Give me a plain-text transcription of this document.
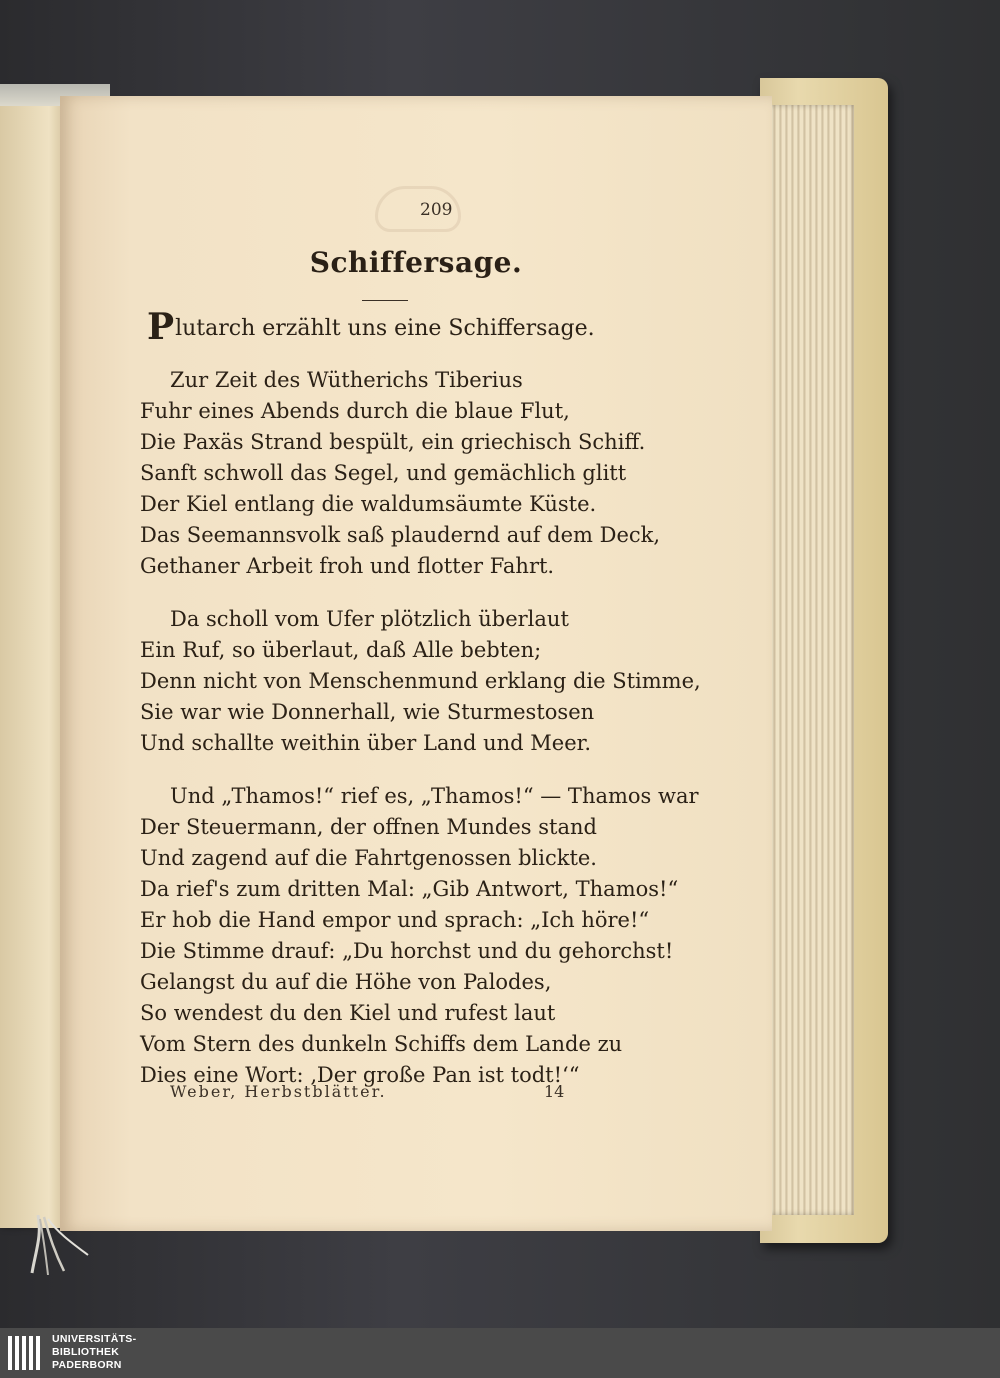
209
Schiffersage.
Plutarch erzählt uns eine Schiffersage.
Zur Zeit des Wütherichs Tiberius
Fuhr eines Abends durch die blaue Flut,
Die Paxäs Strand bespült, ein griechisch Schiff.
Sanft schwoll das Segel, und gemächlich glitt
Der Kiel entlang die waldumsäumte Küste.
Das Seemannsvolk saß plaudernd auf dem Deck,
Gethaner Arbeit froh und flotter Fahrt.
Da scholl vom Ufer plötzlich überlaut
Ein Ruf, so überlaut, daß Alle bebten;
Denn nicht von Menschenmund erklang die Stimme,
Sie war wie Donnerhall, wie Sturmestosen
Und schallte weithin über Land und Meer.
Und „Thamos!“ rief es, „Thamos!“ — Thamos war
Der Steuermann, der offnen Mundes stand
Und zagend auf die Fahrtgenossen blickte.
Da rief's zum dritten Mal: „Gib Antwort, Thamos!“
Er hob die Hand empor und sprach: „Ich höre!“
Die Stimme drauf: „Du horchst und du gehorchst!
Gelangst du auf die Höhe von Palodes,
So wendest du den Kiel und rufest laut
Vom Stern des dunkeln Schiffs dem Lande zu
Dies eine Wort: ‚Der große Pan ist todt!‘“
Weber, Herbstblätter.	14
UNIVERSITÄTS-
BIBLIOTHEK
PADERBORN
